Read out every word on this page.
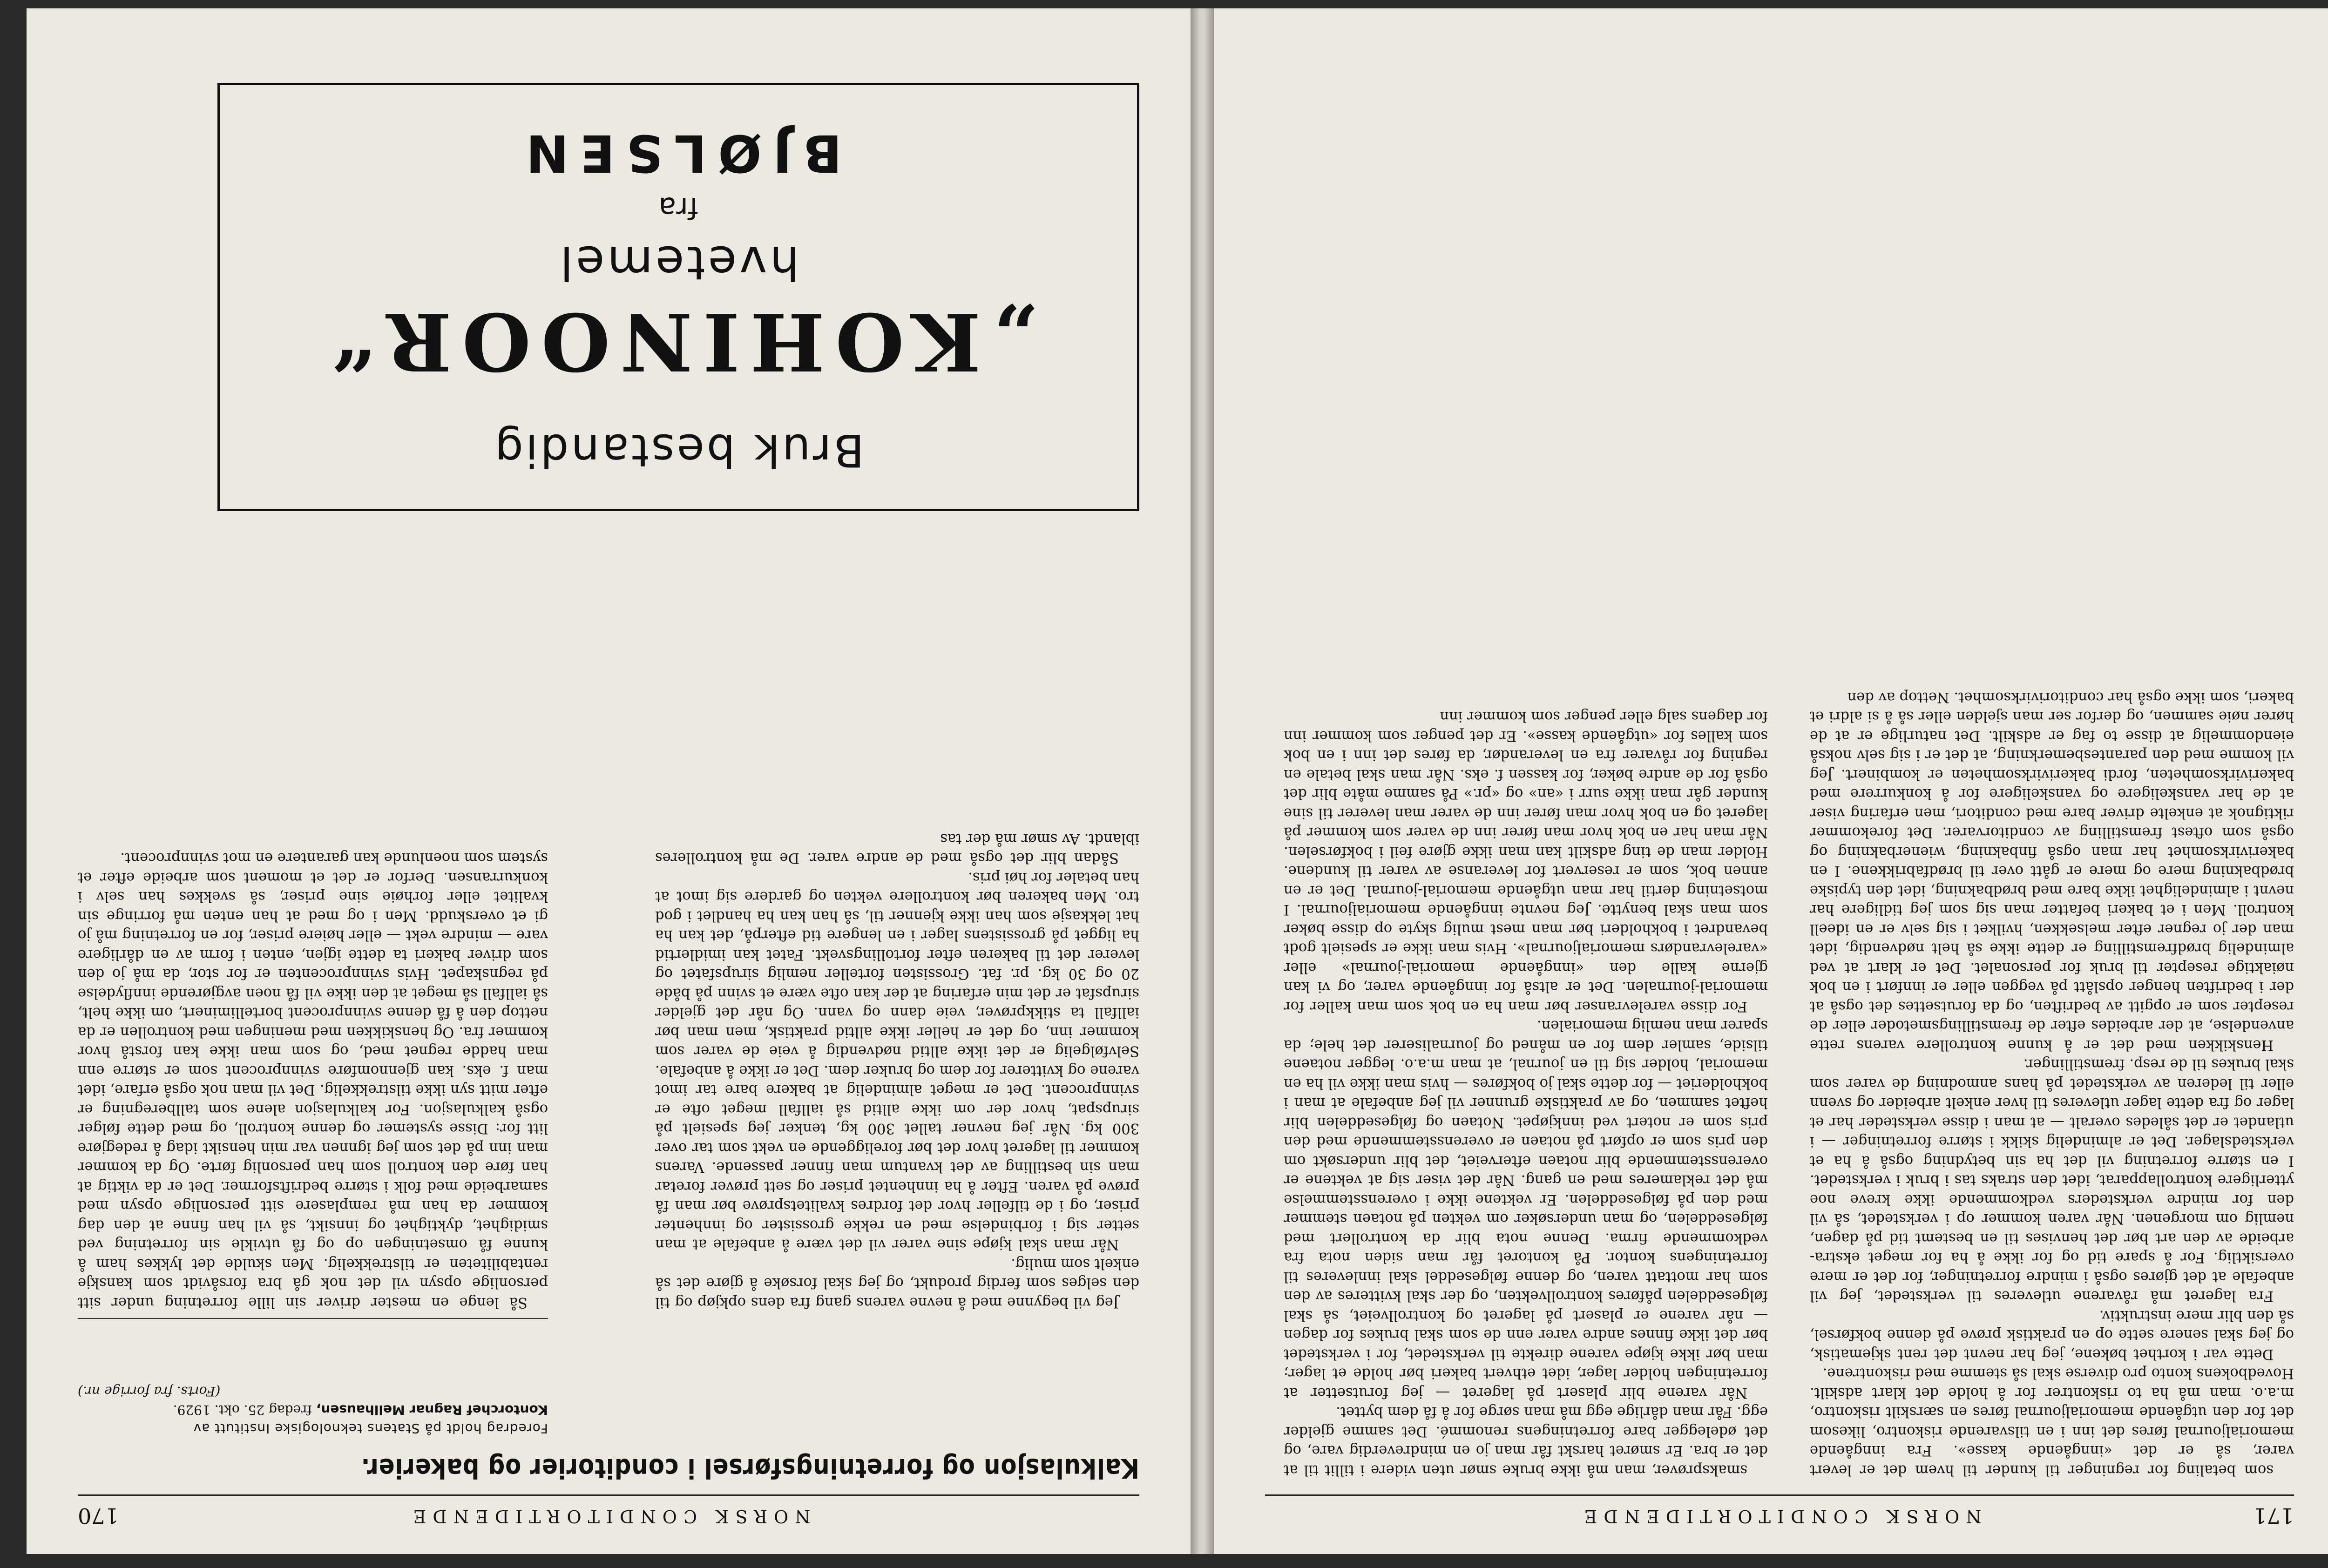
171
NORSK CONDITORTIDENDE

som betaling for regninger til kunder til hvem det er levert varer, så er det «inngående kasse». Fra inngående memorialjournal føres det inn i en tilsvarende riskontro, likesom det for den utgående memorialjournal føres en særskilt riskontro, m.a.o. man må ha to riskontrer for å holde det klart adskilt. Hovedbokens konto pro diverse skal så stemme med riskontrene.

Dette var i korthet bøkene, jeg har nevnt det rent skjematisk, og jeg skal senere sette op en praktisk prøve på denne bokførsel, så den blir mere instruktiv.

Fra lageret må råvarene utleveres til verkstedet, jeg vil anbefale at det gjøres også i mindre forretninger, for det er mere oversiktlig. For å spare tid og for ikke å ha for meget ekstra-arbeide av den art bør det henvises til en bestemt tid på dagen, nemlig om morgenen. Når varen kommer op i verkstedet, så vil den for mindre verksteders vedkommende ikke kreve noe ytterligere kontrollapparat, idet den straks tas i bruk i verkstedet. I en større forretning vil det ha sin betydning også å ha et verkstedslager. Det er almindelig skikk i større forretninger — i utlandet er det således overalt — at man i disse verksteder har et lager og fra dette lager utleveres til hver enkelt arbeider og svenn eller til lederen av verkstedet på hans anmodning de varer som skal brukes til de resp. fremstillinger.

Henskikken med det er å kunne kontrollere varens rette anvendelse, at der arbeides efter de fremstillingsmetoder eller de resepter som er opgitt av bedriften, og da forutsettes det også at der i bedriften henger opslått på veggen eller er innført i en bok nøiaktige resepter til bruk for personalet. Det er klart at ved almindelig brødfremstilling er dette ikke så helt nødvendig, idet man der jo regner efter melsekken, hvilket i sig selv er en ideell kontroll. Men i et bakeri befatter man sig som jeg tidligere har nevnt i almindelighet ikke bare med brødbakning, idet den typiske brødbakning mere og mere er gått over til brødfabrikkene. I en bakerivirksomhet har man også finbakning, wienerbakning og også som oftest fremstilling av conditorvarer. Det forekommer riktignok at enkelte driver bare med conditori, men erfaring viser at de har vanskeligere og vanskeligere for å konkurrere med bakerivirksomheten, fordi bakerivirksomheten er kombinert. Jeg vil komme med den parantesbemerkning, at det er i sig selv nokså eiendommelig at disse to fag er adskilt. Det naturlige er at de hører nøie sammen, og derfor ser man sjelden eller så å si aldri et bakeri, som ikke også har conditorivirksomhet. Nettop av den

smaksprøver, man må ikke bruke smør uten videre i tillit til at det er bra. Er smøret harskt får man jo en mindreverdig vare, og det ødelegger bare forretningens renommé. Det samme gjelder egg. Får man dårlige egg må man sørge for å få dem byttet.

Når varene blir plasert på lageret — jeg forutsetter at forretningen holder lager, idet ethvert bakeri bør holde et lager; man bør ikke kjøpe varene direkte til verkstedet, for i verkstedet bør det ikke finnes andre varer enn de som skal brukes for dagen — når varene er plasert på lageret og kontrollveiet, så skal følgeseddelen påføres kontrollvekten, og der skal kvitteres av den som har mottatt varen, og denne følgeseddel skal innleveres til forretningens kontor. På kontoret får man siden nota fra vedkommende firma. Denne nota blir da kontrollert med følgeseddelen, og man undersøker om vekten på notaen stemmer med den på følgeseddelen. Er vektene ikke i overensstemmelse må det reklameres med en gang. Når det viser sig at vektene er overensstemmende blir notaen efterveiet, det blir undersøkt om den pris som er opført på notaen er overensstemmende med den pris som er notert ved innkjøpet. Notaen og følgeseddelen blir heftet sammen, og av praktiske grunner vil jeg anbefale at man i bokholderiet — for dette skal jo bokføres — hvis man ikke vil ha en memorial, holder sig til en journal, at man m.a.o. legger notaene tilside, samler dem for en måned og journaliserer det hele; da sparer man nemlig memorialen.

For disse varelevranser bør man ha en bok som man kaller for memorial-journalen. Det er altså for inngående varer, og vi kan gjerne kalle den «inngående memorial-journal» eller «varelevrandørs memorialjournal». Hvis man ikke er spesielt godt bevandret i bokholderi bør man mest mulig skyte op disse bøker som man skal benytte. Jeg nevnte inngående memorialjournal. I motsetning dertil har man utgående memorial-journal. Det er en annen bok, som er reservert for leveranse av varer til kundene. Holder man de ting adskilt kan man ikke gjøre feil i bokførselen. Når man har en bok hvor man fører inn de varer som kommer på lageret og en bok hvor man fører inn de varer man leverer til sine kunder går man ikke surr i «an» og «pr.» På samme måte blir det også for de andre bøker, for kassen f. eks. Når man skal betale en regning for råvarer fra en leverandør, da føres det inn i en bok som kalles for «utgående kasse». Er det penger som kommer inn for dagens salg eller penger som kommer inn

170	NORSK CONDITORTIDENDE
Kalkulasjon og forretningsførsel i conditorier og bakerier.
Foredrag holdt på Statens teknologiske Institutt av
Kontorchef Ragnar Mellhausen, fredag 25. okt. 1929.
(Forts. fra forrige nr.)

Så lenge en mester driver sin lille forretning under sitt personlige opsyn vil det nok gå bra forsåvidt som kanskje rentabiliteten er tilstrekkelig. Men skulde det lykkes ham å kunne få omsetningen op og få utvikle sin forretning ved smidighet, dyktighet og innsikt, så vil han finne at den dag kommer da han må remplasere sitt personlige opsyn med samarbeide med folk i større bedriftsformer. Det er da viktig at han føre den kontroll som han personlig førte. Og da kommer man inn på det som jeg ignnen var min hensikt idag å redegjøre litt for: Disse systemer og denne kontroll, og med dette følger også kalkulasjon. For kalkulasjon alene som tallberegning er efter mitt syn ikke tilstrekkelig. Det vil man nok også erfare, idet man f. eks. kan gjennomføre svinnprocent som er større enn man hadde regnet med, og som man ikke kan forstå hvor kommer fra. Og henskikken med meningen med kontrollen er da nettop den å få denne svinnprocent bortelliminert, om ikke helt, så iallfall så meget at den ikke vil få noen avgjørende innflydelse på regnskapet. Hvis svinnprocenten er for stor, da må jo den som driver bakeri ta dette igjen, enten i form av en dårligere vare — mindre vekt — eller høiere priser, for en forretning må jo gi et overskudd. Men i og med at han enten må forringe sin kvalitet eller forhøie sine priser, så svekkes han selv i konkurransen. Derfor er det et moment som arbeide efter et system som noenlunde kan garantere en mot svinnprocent.

Jeg vil begynne med å nevne varens gang fra dens opkjøp og til den selges som ferdig produkt, og jeg skal forsøke å gjøre det så enkelt som mulig.

Når man skal kjøpe sine varer vil det være å anbefale at man setter sig i forbindelse med en rekke grossister og innhenter priser, og i de tilfeller hvor det fordres kvalitetsprøve bør man få prøve på varen. Efter å ha innhentet priser og sett prøver foretar man sin bestilling av det kvantum man finner passende. Varens kommer til lageret hvor det bør foreliggende en vekt som tar over 300 kg. Når jeg nevner tallet 300 kg, tenker jeg spesielt på sirupspat, hvor der om ikke alltid så iallfall meget ofte er svinnprocent. Det er meget almindelig at bakere bare tar imot varene og kvitterer for dem og bruker dem. Det er ikke å anbefale. Selvfølgelig er det ikke alltid nødvendig å veie de varer som kommer inn, og det er heller ikke alltid praktisk, men man bør iallfall ta stikkprøver, veie dann og vann. Og når det gjelder sirupsfat er det min erfaring at der kan ofte være et svinn på både 20 og 30 kg. pr. fat. Grossisten forteller nemlig sirupsfatet og leverer det til bakeren efter fortollingsvekt. Fatet kan imidlertid ha ligget på grossistens lager i en lengere tid efterpå, det kan ha hat lekkasje som han ikke kjenner til, så han kan ha handlet i god tro. Men bakeren bør kontrollere vekten og gardere sig imot at han betaler for høi pris.

Sådan blir det også med de andre varer. De må kontrolleres iblandt. Av smør må der tas

Bruk bestandig
„KOHINOOR“
hvetemel
fra
BJØLSEN
